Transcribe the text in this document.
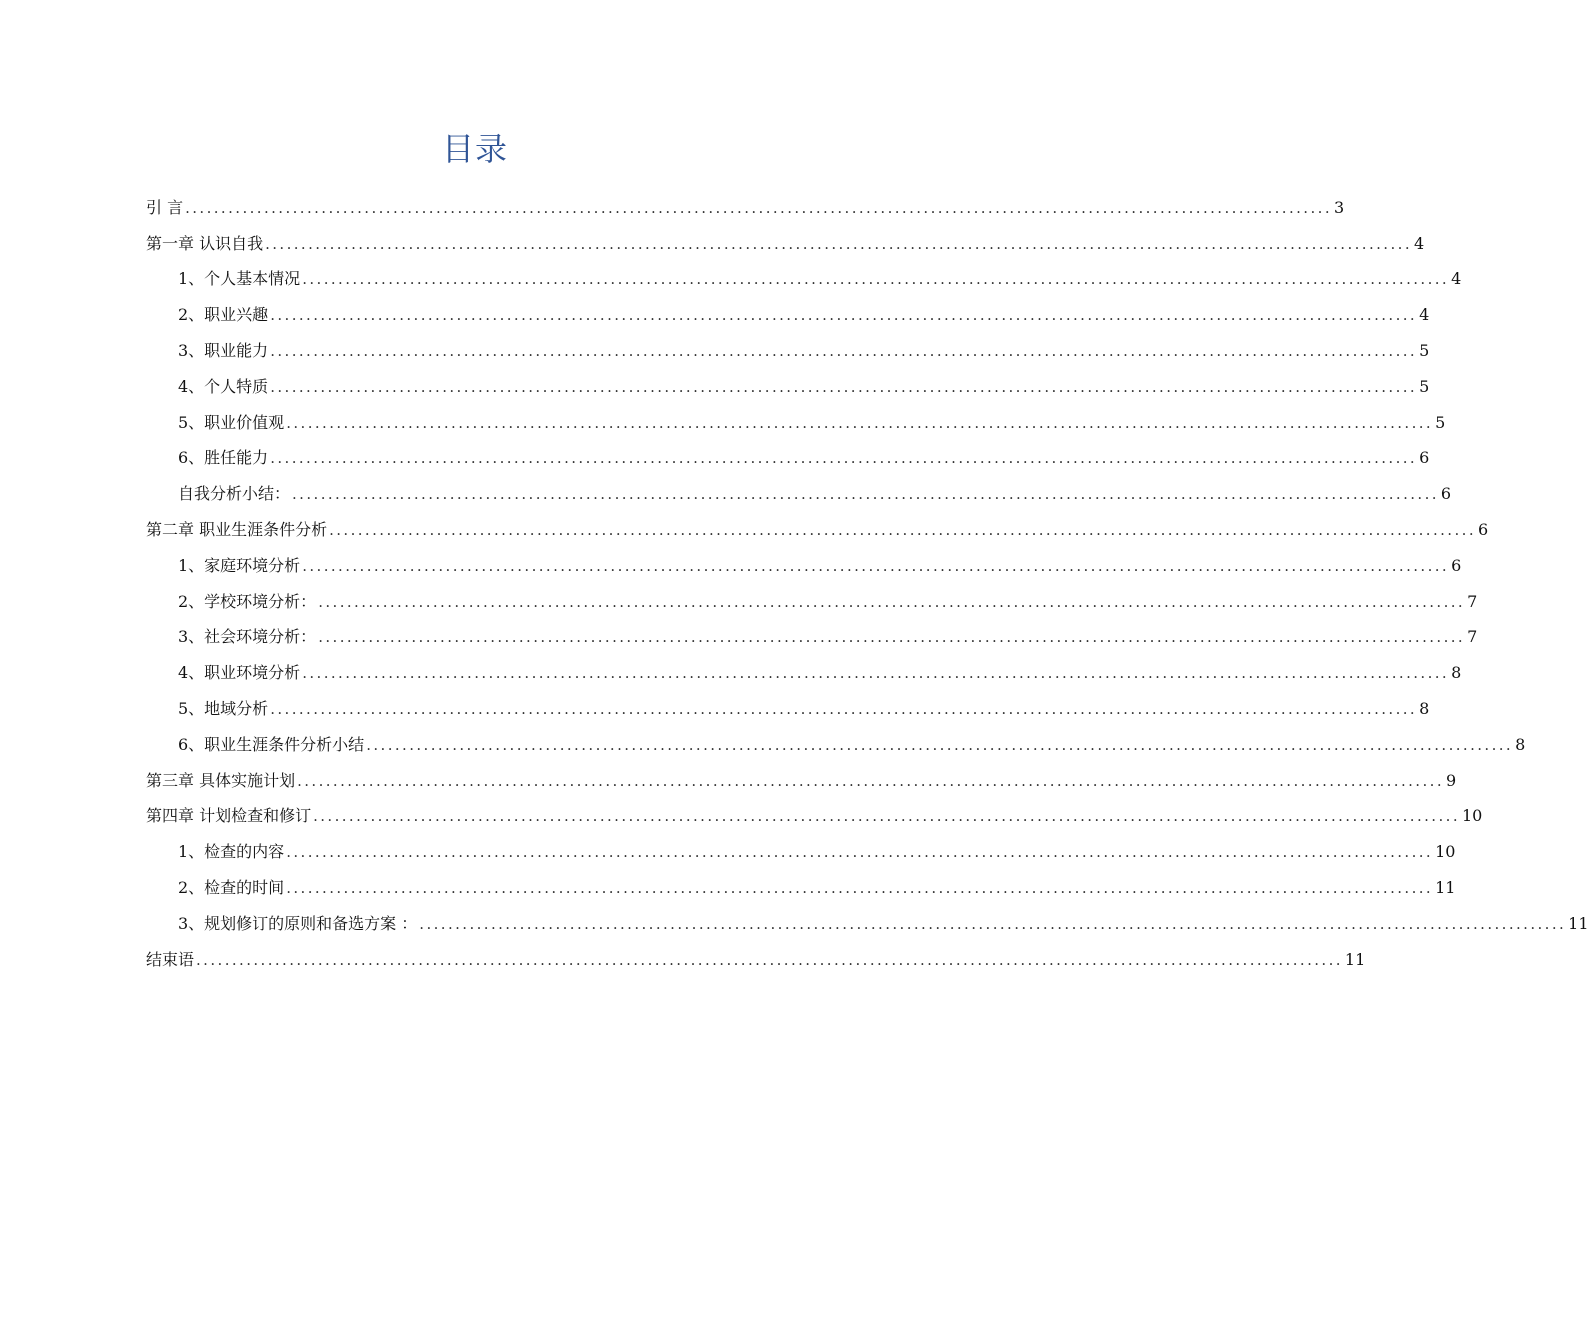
目录
引 言 ................................................................................................................................................................ 3
第一章 认识自我 ................................................................................................................................................................ 4
1、个人基本情况 ................................................................................................................................................................ 4
2、职业兴趣 ................................................................................................................................................................ 4
3、职业能力 ................................................................................................................................................................ 5
4、个人特质 ................................................................................................................................................................ 5
5、职业价值观 ................................................................................................................................................................ 5
6、胜任能力 ................................................................................................................................................................ 6
自我分析小结： ................................................................................................................................................................ 6
第二章 职业生涯条件分析 ................................................................................................................................................................ 6
1、家庭环境分析 ................................................................................................................................................................ 6
2、学校环境分析： ................................................................................................................................................................ 7
3、社会环境分析： ................................................................................................................................................................ 7
4、职业环境分析 ................................................................................................................................................................ 8
5、地域分析 ................................................................................................................................................................ 8
6、职业生涯条件分析小结 ................................................................................................................................................................ 8
第三章 具体实施计划 ................................................................................................................................................................ 9
第四章 计划检查和修订 ................................................................................................................................................................ 10
1、检查的内容 ................................................................................................................................................................ 10
2、检查的时间 ................................................................................................................................................................ 11
3、规划修订的原则和备选方案 ： ................................................................................................................................................................ 11
结束语 ................................................................................................................................................................ 11
